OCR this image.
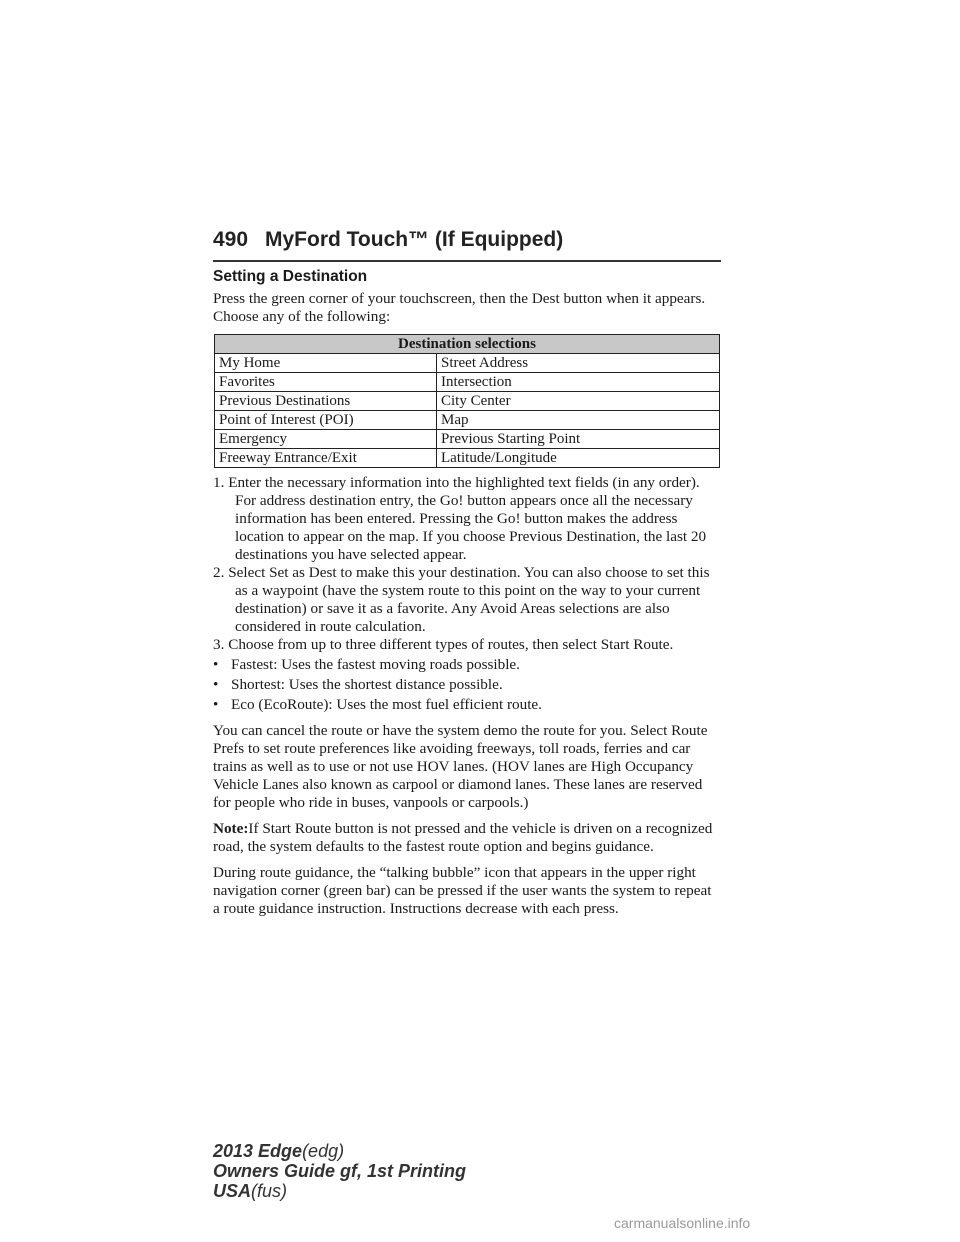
490 MyFord Touch™ (If Equipped)
Setting a Destination

Press the green corner of your touchscreen, then the Dest button when it appears. Choose any of the following:

Destination selections	
My Home	Street Address
Favorites	Intersection
Previous Destinations	City Center
Point of Interest (POI)	Map
Emergency	Previous Starting Point
Freeway Entrance/Exit	Latitude/Longitude
1. Enter the necessary information into the highlighted text fields (in any order). For address destination entry, the Go! button appears once all the necessary information has been entered. Pressing the Go! button makes the address location to appear on the map. If you choose Previous Destination, the last 20 destinations you have selected appear.
2. Select Set as Dest to make this your destination. You can also choose to set this as a waypoint (have the system route to this point on the way to your current destination) or save it as a favorite. Any Avoid Areas selections are also considered in route calculation.
3. Choose from up to three different types of routes, then select Start Route.
• Fastest: Uses the fastest moving roads possible.
• Shortest: Uses the shortest distance possible.
• Eco (EcoRoute): Uses the most fuel efficient route.

You can cancel the route or have the system demo the route for you. Select Route Prefs to set route preferences like avoiding freeways, toll roads, ferries and car trains as well as to use or not use HOV lanes. (HOV lanes are High Occupancy Vehicle Lanes also known as carpool or diamond lanes. These lanes are reserved for people who ride in buses, vanpools or carpools.)

Note:If Start Route button is not pressed and the vehicle is driven on a recognized road, the system defaults to the fastest route option and begins guidance.

During route guidance, the “talking bubble” icon that appears in the upper right navigation corner (green bar) can be pressed if the user wants the system to repeat a route guidance instruction. Instructions decrease with each press.

2013 Edge(edg)
Owners Guide gf, 1st Printing
USA(fus)
carmanualsonline.info
